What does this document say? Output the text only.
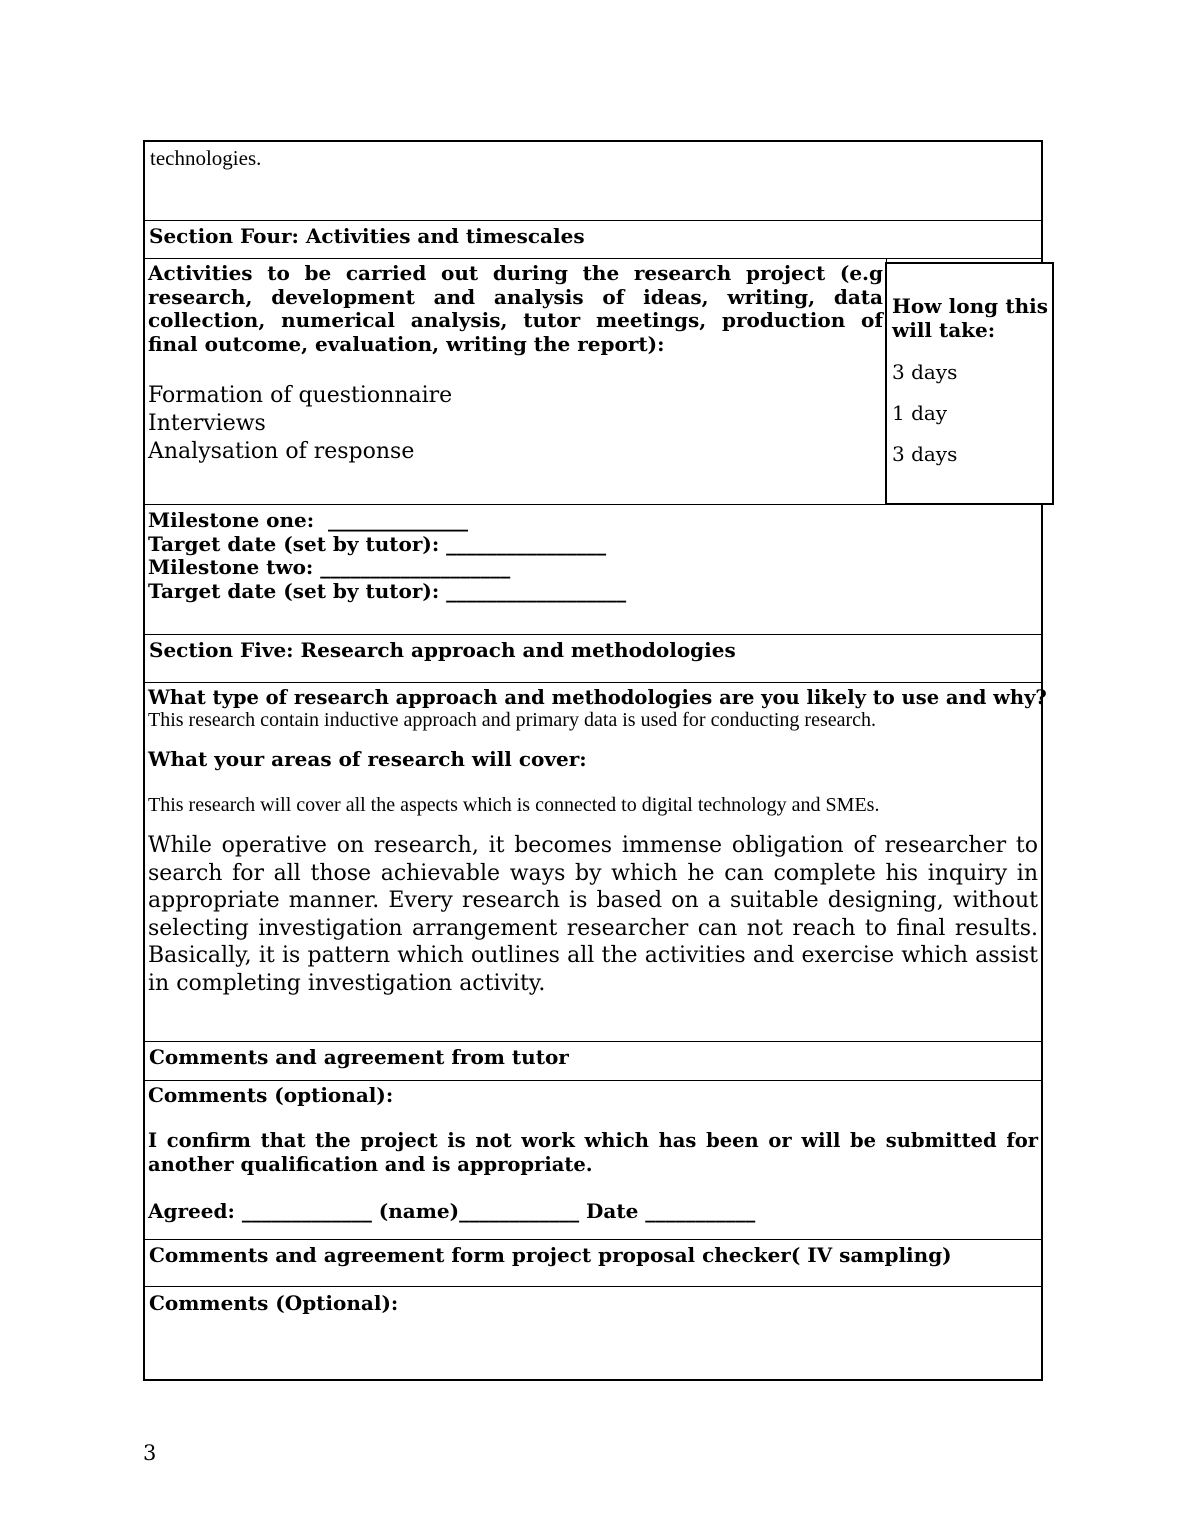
technologies.
Section Four: Activities and timescales
Activities to be carried out during the research project (e.g research, development and analysis of ideas, writing, data collection, numerical analysis, tutor meetings, production of final outcome, evaluation, writing the report):
Formation of questionnaire
Interviews
Analysation of response
How long this will take:
3 days
1 day
3 days
Milestone one:  ______________
Target date (set by tutor): ________________
Milestone two: ___________________
Target date (set by tutor): __________________
Section Five: Research approach and methodologies
What type of research approach and methodologies are you likely to use and why?
This research contain inductive approach and primary data is used for conducting research.
What your areas of research will cover:
This research will cover all the aspects which is connected to digital technology and SMEs.
While operative on research, it becomes immense obligation of researcher to search for all those achievable ways by which he can complete his inquiry in appropriate manner. Every research is based on a suitable designing, without selecting investigation arrangement researcher can not reach to final results. Basically, it is pattern which outlines all the activities and exercise which assist in completing investigation activity.
Comments and agreement from tutor
Comments (optional):
I confirm that the project is not work which has been or will be submitted for another qualification and is appropriate.
Agreed: _____________ (name)____________ Date ___________
Comments and agreement form project proposal checker( IV sampling)
Comments (Optional):
3
